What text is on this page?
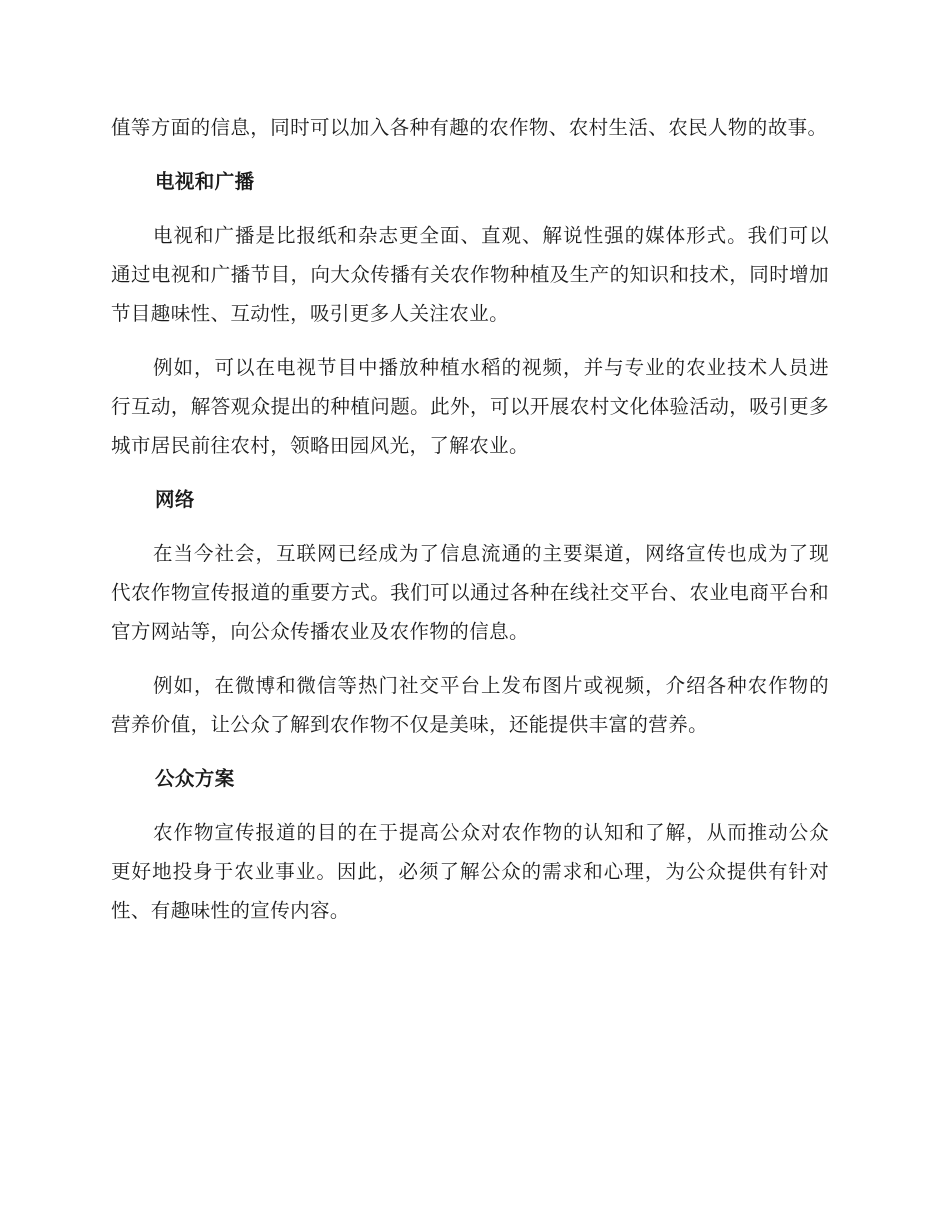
值等方面的信息，同时可以加入各种有趣的农作物、农村生活、农民人物的故事。

电视和广播

电视和广播是比报纸和杂志更全面、直观、解说性强的媒体形式。我们可以通过电视和广播节目，向大众传播有关农作物种植及生产的知识和技术，同时增加节目趣味性、互动性，吸引更多人关注农业。

例如，可以在电视节目中播放种植水稻的视频，并与专业的农业技术人员进行互动，解答观众提出的种植问题。此外，可以开展农村文化体验活动，吸引更多城市居民前往农村，领略田园风光，了解农业。

网络

在当今社会，互联网已经成为了信息流通的主要渠道，网络宣传也成为了现代农作物宣传报道的重要方式。我们可以通过各种在线社交平台、农业电商平台和官方网站等，向公众传播农业及农作物的信息。

例如，在微博和微信等热门社交平台上发布图片或视频，介绍各种农作物的营养价值，让公众了解到农作物不仅是美味，还能提供丰富的营养。

公众方案

农作物宣传报道的目的在于提高公众对农作物的认知和了解，从而推动公众更好地投身于农业事业。因此，必须了解公众的需求和心理，为公众提供有针对性、有趣味性的宣传内容。
